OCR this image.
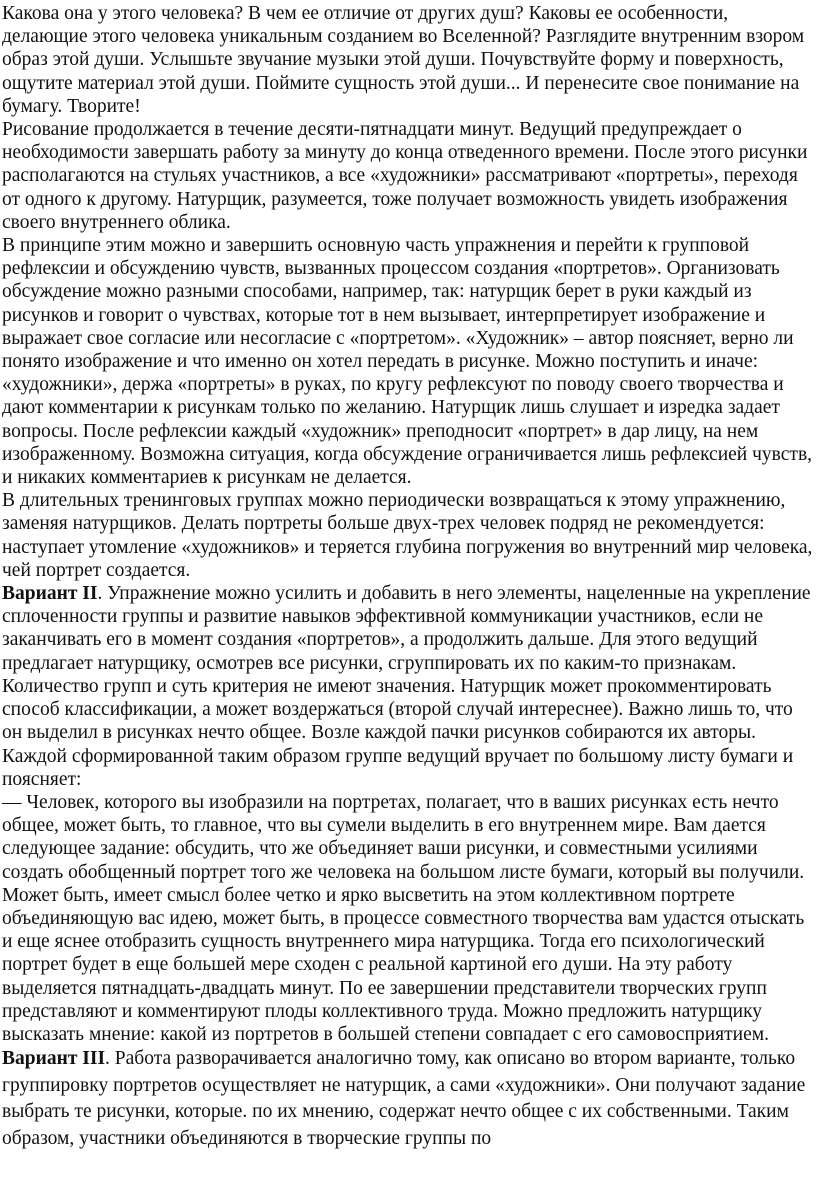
Какова она у этого человека? В чем ее отличие от других душ? Каковы ее особенности, делающие этого человека уникальным созданием во Вселенной? Разглядите внутренним взором образ этой души. Услышьте звучание музыки этой души. Почувствуйте форму и поверхность, ощутите материал этой души. Поймите сущность этой души... И перенесите свое понимание на бумагу. Творите!

Рисование продолжается в течение десяти-пятнадцати минут. Ведущий предупреждает о необходимости завершать работу за минуту до конца отведенного времени. После этого рисунки располагаются на стульях участников, а все «художники» рассматривают «портреты», переходя от одного к другому. Натурщик, разумеется, тоже получает возможность увидеть изображения своего внутреннего облика.

В принципе этим можно и завершить основную часть упражнения и перейти к групповой рефлексии и обсуждению чувств, вызванных процессом создания «портретов». Организовать обсуждение можно разными способами, например, так: натурщик берет в руки каждый из рисунков и говорит о чувствах, которые тот в нем вызывает, интерпретирует изображение и выражает свое согласие или несогласие с «портретом». «Художник» – автор поясняет, верно ли понято изображение и что именно он хотел передать в рисунке. Можно поступить и иначе: «художники», держа «портреты» в руках, по кругу рефлексуют по поводу своего творчества и дают комментарии к рисункам только по желанию. Натурщик лишь слушает и изредка задает вопросы. После рефлексии каждый «художник» преподносит «портрет» в дар лицу, на нем изображенному. Возможна ситуация, когда обсуждение ограничивается лишь рефлексией чувств, и никаких комментариев к рисункам не делается.

В длительных тренинговых группах можно периодически возвращаться к этому упражнению, заменяя натурщиков. Делать портреты больше двух-трех человек подряд не рекомендуется: наступает утомление «художников» и теряется глубина погружения во внутренний мир человека, чей портрет создается.

Вариант II. Упражнение можно усилить и добавить в него элементы, нацеленные на укрепление сплоченности группы и развитие навыков эффективной коммуникации участников, если не заканчивать его в момент создания «портретов», а продолжить дальше. Для этого ведущий предлагает натурщику, осмотрев все рисунки, сгруппировать их по каким-то признакам. Количество групп и суть критерия не имеют значения. Натурщик может прокомментировать способ классификации, а может воздержаться (второй случай интереснее). Важно лишь то, что он выделил в рисунках нечто общее. Возле каждой пачки рисунков собираются их авторы. Каждой сформированной таким образом группе ведущий вручает по большому листу бумаги и поясняет:

— Человек, которого вы изобразили на портретах, полагает, что в ваших рисунках есть нечто общее, может быть, то главное, что вы сумели выделить в его внутреннем мире. Вам дается следующее задание: обсудить, что же объединяет ваши рисунки, и совместными усилиями создать обобщенный портрет того же человека на большом листе бумаги, который вы получили. Может быть, имеет смысл более четко и ярко высветить на этом коллективном портрете объединяющую вас идею, может быть, в процессе совместного творчества вам удастся отыскать и еще яснее отобразить сущность внутреннего мира натурщика. Тогда его психологический портрет будет в еще большей мере сходен с реальной картиной его души. На эту работу выделяется пятнадцать-двадцать минут. По ее завершении представители творческих групп представляют и комментируют плоды коллективного труда. Можно предложить натурщику высказать мнение: какой из портретов в большей степени совпадает с его самовосприятием.

Вариант III. Работа разворачивается аналогично тому, как описано во втором варианте, только группировку портретов осуществляет не натурщик, а сами «художники». Они получают задание выбрать те рисунки, которые. по их мнению, содержат нечто общее с их собственными. Таким образом, участники объединяются в творческие группы по
